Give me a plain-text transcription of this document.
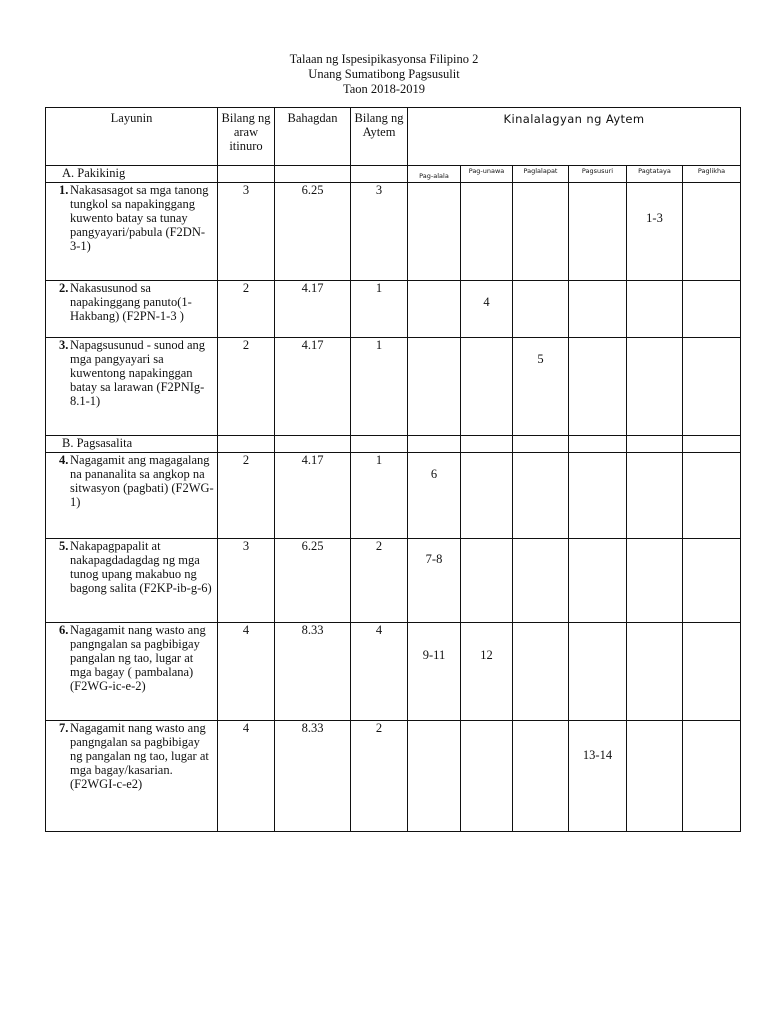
Talaan ng Ispesipikasyonsa Filipino 2
Unang Sumatibong Pagsusulit
Taon 2018-2019
Layunin	Bilang ng araw itinuro	Bahagdan	Bilang ng Aytem	Kinalalagyan ng Aytem					
A. Pakikinig				Pag-alala	Pag-unawa	Paglalapat	Pagsusuri	Pagtataya	Paglikha

1. Nakasasagot sa mga tanong tungkol sa napakinggang kuwento batay sa tunay pangyayari/pabula (F2DN-3-1)	3	6.25	3					1-3	

2. Nakasusunod sa napakinggang panuto(1-Hakbang) (F2PN-1-3 )	2	4.17	1		4				

3. Napagsusunud - sunod ang mga pangyayari sa kuwentong napakinggan batay sa larawan (F2PNIg-8.1-1)	2	4.17	1			5			
B. Pagsasalita									

4. Nagagamit ang magagalang na pananalita sa angkop na sitwasyon (pagbati) (F2WG-1)	2	4.17	1	6					

5. Nakapagpapalit at nakapagdadagdag ng mga tunog upang makabuo ng bagong salita (F2KP-ib-g-6)	3	6.25	2	7-8					

6. Nagagamit nang wasto ang pangngalan sa pagbibigay pangalan ng tao, lugar at mga bagay ( pambalana) (F2WG-ic-e-2)	4	8.33	4	9-11	12				

7. Nagagamit nang wasto ang pangngalan sa pagbibigay ng pangalan ng tao, lugar at mga bagay/kasarian. (F2WGI-c-e2)	4	8.33	2				13-14		
